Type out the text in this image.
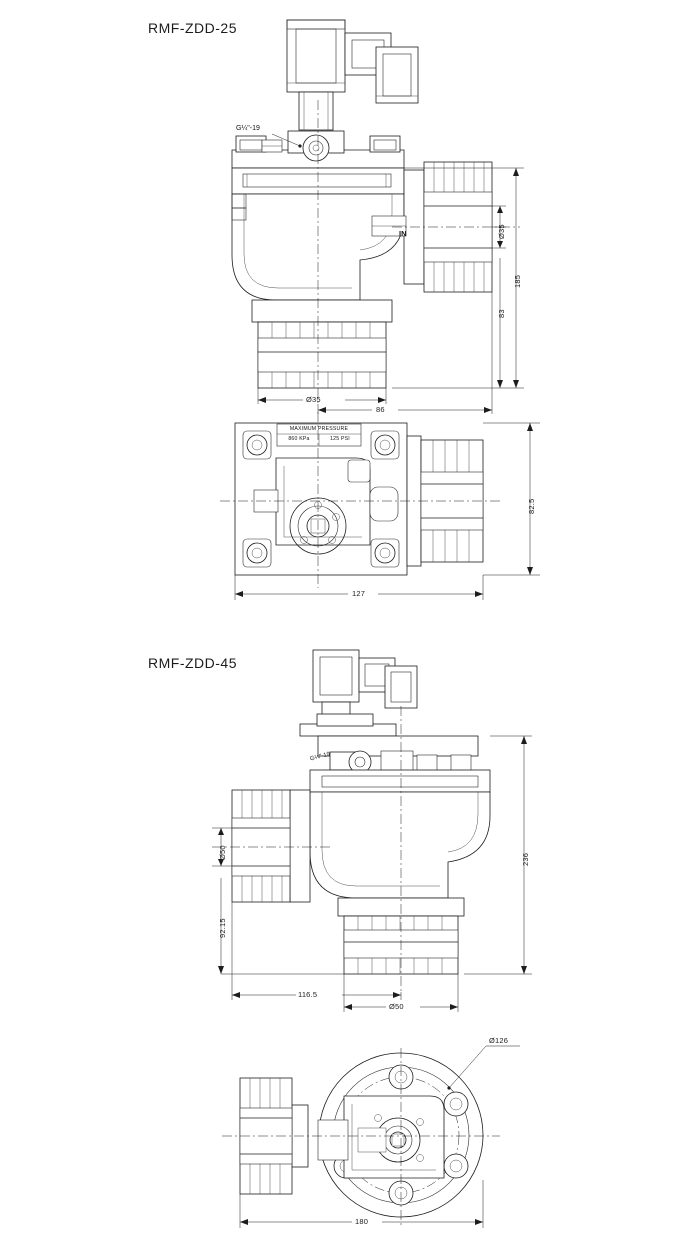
RMF-ZDD-25
RMF-ZDD-45
G¼"-19
IN
MAXIMUM PRESSURE
860 KPa	125 PSI
185
Ø35
83
Ø35
86
82.5
127
G¼"-19
236
Ø50
92.15
116.5
Ø50
Ø126
180
